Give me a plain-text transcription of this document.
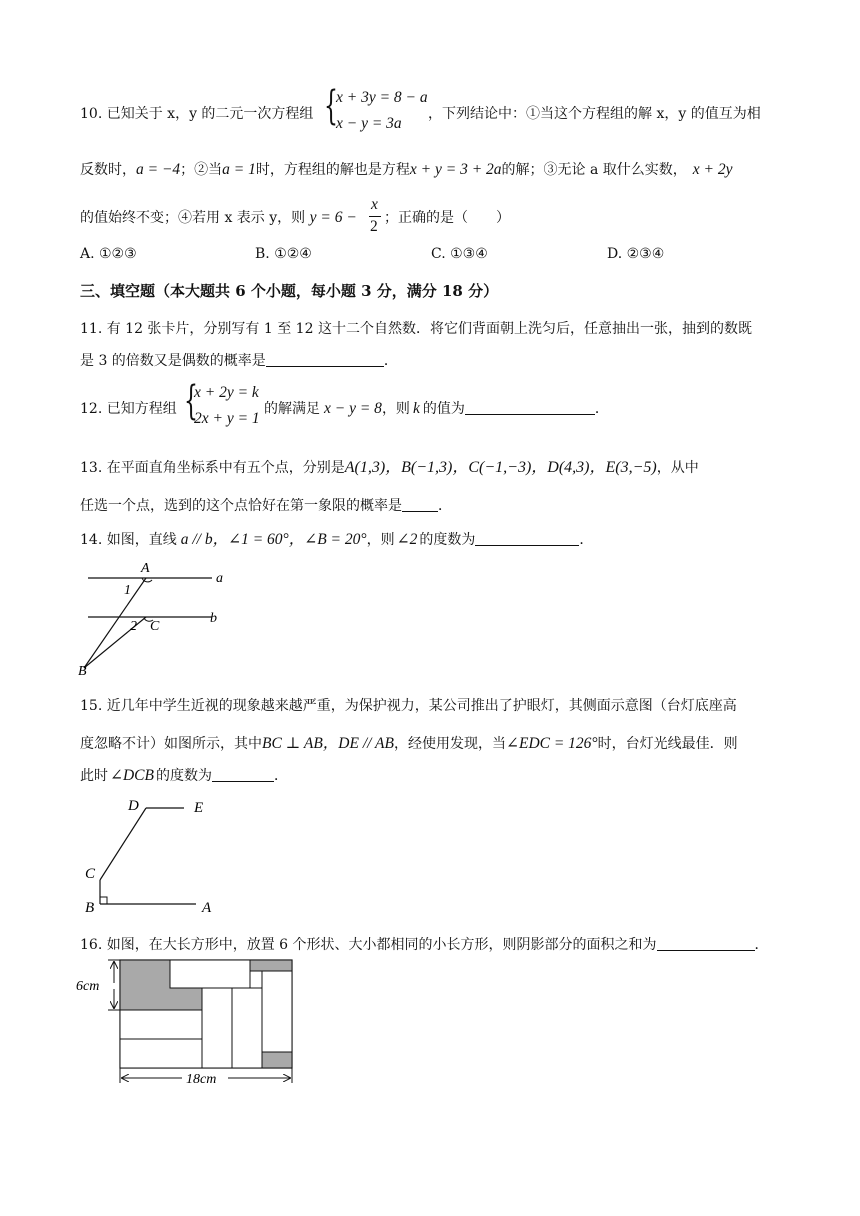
10. 已知关于 x，y 的二元一次方程组 {
x + 3y = 8 − a
x − y = 3a
，下列结论中：①当这个方程组的解 x，y 的值互为相
反数时，a = −4；②当a = 1时，方程组的解也是方程x + y = 3 + 2a的解；③无论 a 取什么实数， x + 2y
的值始终不变；④若用 x 表示 y，则 y = 6 −
x
2 ；正确的是（　　）
A. ①②③	B. ①②④	C. ①③④	D. ②③④
三、填空题（本大题共 6 个小题，每小题 3 分，满分 18 分）
11. 有 12 张卡片，分别写有 1 至 12 这十二个自然数．将它们背面朝上洗匀后，任意抽出一张，抽到的数既
是 3 的倍数又是偶数的概率是	．
12. 已知方程组 {
x + 2y = k
2x + y = 1
的解满足 x − y = 8，则 k 的值为	．
13. 在平面直角坐标系中有五个点，分别是A(1,3)，B(−1,3)，C(−1,−3)，D(4,3)，E(3,−5)，从中
任选一个点，选到的这个点恰好在第一象限的概率是	．
14. 如图，直线 a // b，∠1 = 60°，∠B = 20°，则 ∠2 的度数为	．
A
a
b
1
2 C
B
15. 近几年中学生近视的现象越来越严重，为保护视力，某公司推出了护眼灯，其侧面示意图（台灯底座高
度忽略不计）如图所示，其中BC ⊥ AB，DE // AB，经使用发现，当∠EDC = 126°时，台灯光线最佳．则
此时 ∠DCB 的度数为	．
D	E
C
B	A
16. 如图，在大长方形中，放置 6 个形状、大小都相同的小长方形，则阴影部分的面积之和为	．
6cm
18cm
